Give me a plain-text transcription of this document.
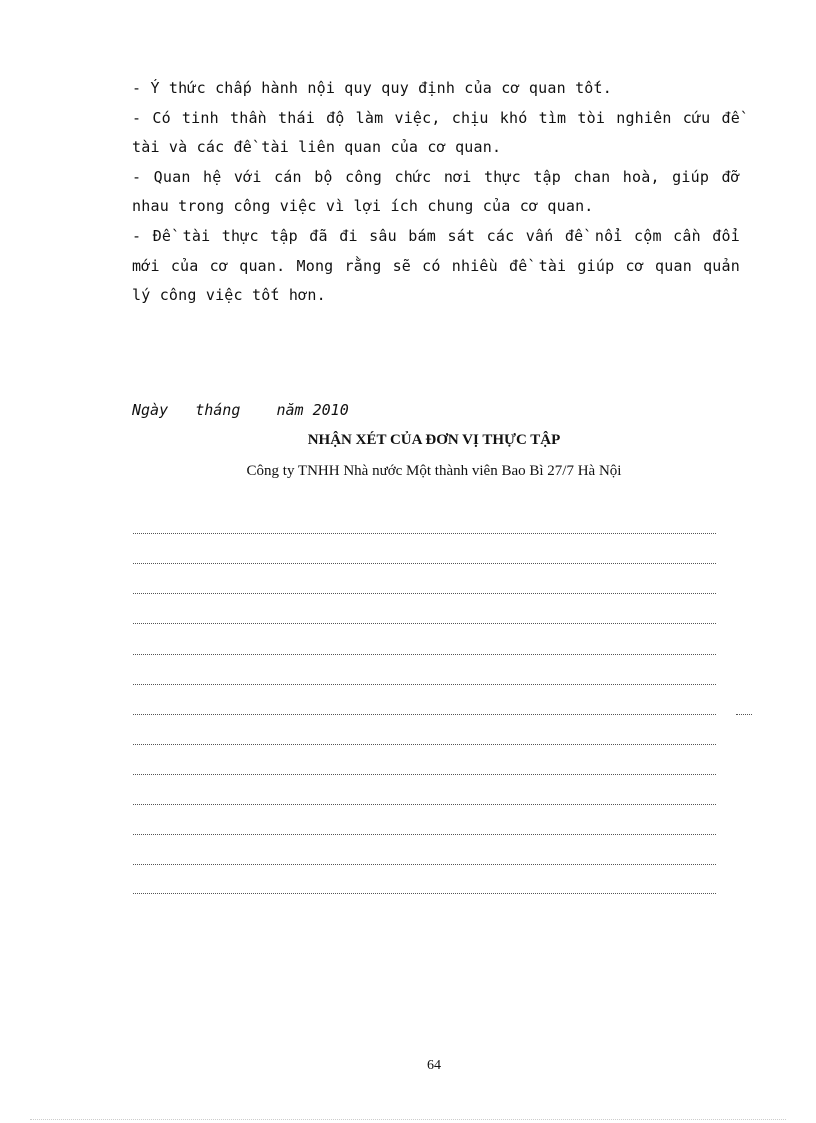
- Ý thức chấp hành nội quy quy định của cơ quan tốt.

- Có tinh thần thái độ làm việc, chịu khó tìm tòi nghiên cứu đề tài và các đề tài liên quan của cơ quan.

- Quan hệ với cán bộ công chức nơi thực tập chan hoà, giúp đỡ nhau trong công việc vì lợi ích chung của cơ quan.

- Đề tài thực tập đã đi sâu bám sát các vấn đề nổi cộm cần đổi mới của cơ quan. Mong rằng sẽ có nhiều đề tài giúp cơ quan quản lý công việc tốt hơn.

Ngày   tháng    năm 2010
NHẬN XÉT CỦA ĐƠN VỊ THỰC TẬP
Công ty TNHH Nhà nước Một thành viên Bao Bì 27/7 Hà Nội
64
